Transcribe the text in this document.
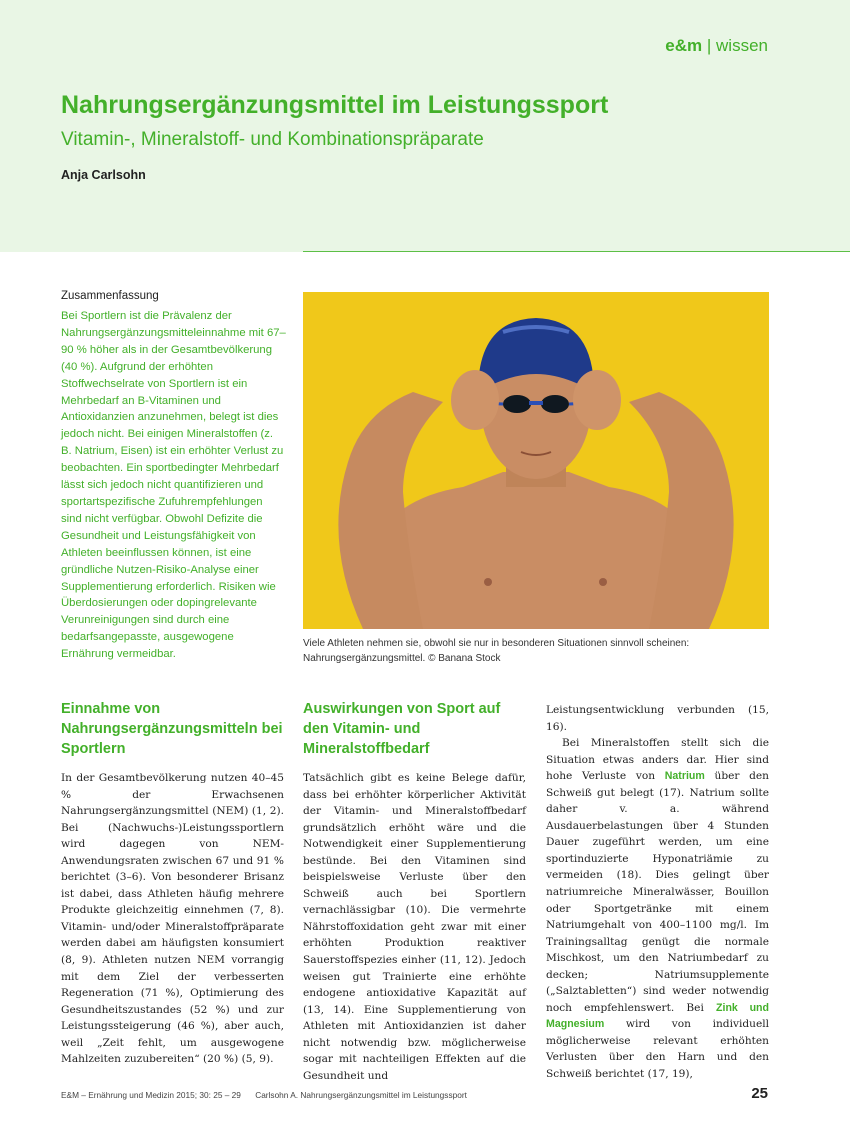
e&m | wissen
Nahrungsergänzungsmittel im Leistungssport
Vitamin-, Mineralstoff- und Kombinationspräparate
Anja Carlsohn
Zusammenfassung
Bei Sportlern ist die Prävalenz der Nahrungsergänzungsmitteleinnahme mit 67–90 % höher als in der Gesamtbevölkerung (40 %). Aufgrund der erhöhten Stoffwechselrate von Sportlern ist ein Mehrbedarf an B-Vitaminen und Antioxidanzien anzunehmen, belegt ist dies jedoch nicht. Bei einigen Mineralstoffen (z. B. Natrium, Eisen) ist ein erhöhter Verlust zu beobachten. Ein sportbedingter Mehrbedarf lässt sich jedoch nicht quantifizieren und sportartspezifische Zufuhrempfehlungen sind nicht verfügbar. Obwohl Defizite die Gesundheit und Leistungsfähigkeit von Athleten beeinflussen können, ist eine gründliche Nutzen-Risiko-Analyse einer Supplementierung erforderlich. Risiken wie Überdosierungen oder dopingrelevante Verunreinigungen sind durch eine bedarfsangepasste, ausgewogene Ernährung vermeidbar.
Viele Athleten nehmen sie, obwohl sie nur in besonderen Situationen sinnvoll scheinen: Nahrungsergänzungsmittel. © Banana Stock
Einnahme von Nahrungsergänzungsmitteln bei Sportlern

In der Gesamtbevölkerung nutzen 40–45 % der Erwachsenen Nahrungsergänzungsmittel (NEM) (1, 2). Bei (Nachwuchs-)Leistungssportlern wird dagegen von NEM-Anwendungsraten zwischen 67 und 91 % berichtet (3–6). Von besonderer Brisanz ist dabei, dass Athleten häufig mehrere Produkte gleichzeitig einnehmen (7, 8). Vitamin- und/oder Mineralstoffpräparate werden dabei am häufigsten konsumiert (8, 9). Athleten nutzen NEM vorrangig mit dem Ziel der verbesserten Regeneration (71 %), Optimierung des Gesundheitszustandes (52 %) und zur Leistungssteigerung (46 %), aber auch, weil „Zeit fehlt, um ausgewogene Mahlzeiten zuzubereiten“ (20 %) (5, 9).

Auswirkungen von Sport auf den Vitamin- und Mineralstoffbedarf

Tatsächlich gibt es keine Belege dafür, dass bei erhöhter körperlicher Aktivität der Vitamin- und Mineralstoffbedarf grundsätzlich erhöht wäre und die Notwendigkeit einer Supplementierung bestünde. Bei den Vitaminen sind beispielsweise Verluste über den Schweiß auch bei Sportlern vernachlässigbar (10). Die vermehrte Nährstoffoxidation geht zwar mit einer erhöhten Produktion reaktiver Sauerstoffspezies einher (11, 12). Jedoch weisen gut Trainierte eine erhöhte endogene antioxidative Kapazität auf (13, 14). Eine Supplementierung von Athleten mit Antioxidanzien ist daher nicht notwendig bzw. möglicherweise sogar mit nachteiligen Effekten auf die Gesundheit und

Leistungsentwicklung verbunden (15, 16).

Bei Mineralstoffen stellt sich die Situation etwas anders dar. Hier sind hohe Verluste von Natrium über den Schweiß gut belegt (17). Natrium sollte daher v. a. während Ausdauerbelastungen über 4 Stunden Dauer zugeführt werden, um eine sportinduzierte Hyponatriämie zu vermeiden (18). Dies gelingt über natriumreiche Mineralwässer, Bouillon oder Sportgetränke mit einem Natriumgehalt von 400–1100 mg/l. Im Trainingsalltag genügt die normale Mischkost, um den Natriumbedarf zu decken; Natriumsupplemente („Salztabletten“) sind weder notwendig noch empfehlenswert. Bei Zink und Magnesium wird von individuell möglicherweise relevant erhöhten Verlusten über den Harn und den Schweiß berichtet (17, 19),

E&M – Ernährung und Medizin 2015; 30: 25 – 29 Carlsohn A. Nahrungsergänzungsmittel im Leistungssport	25
